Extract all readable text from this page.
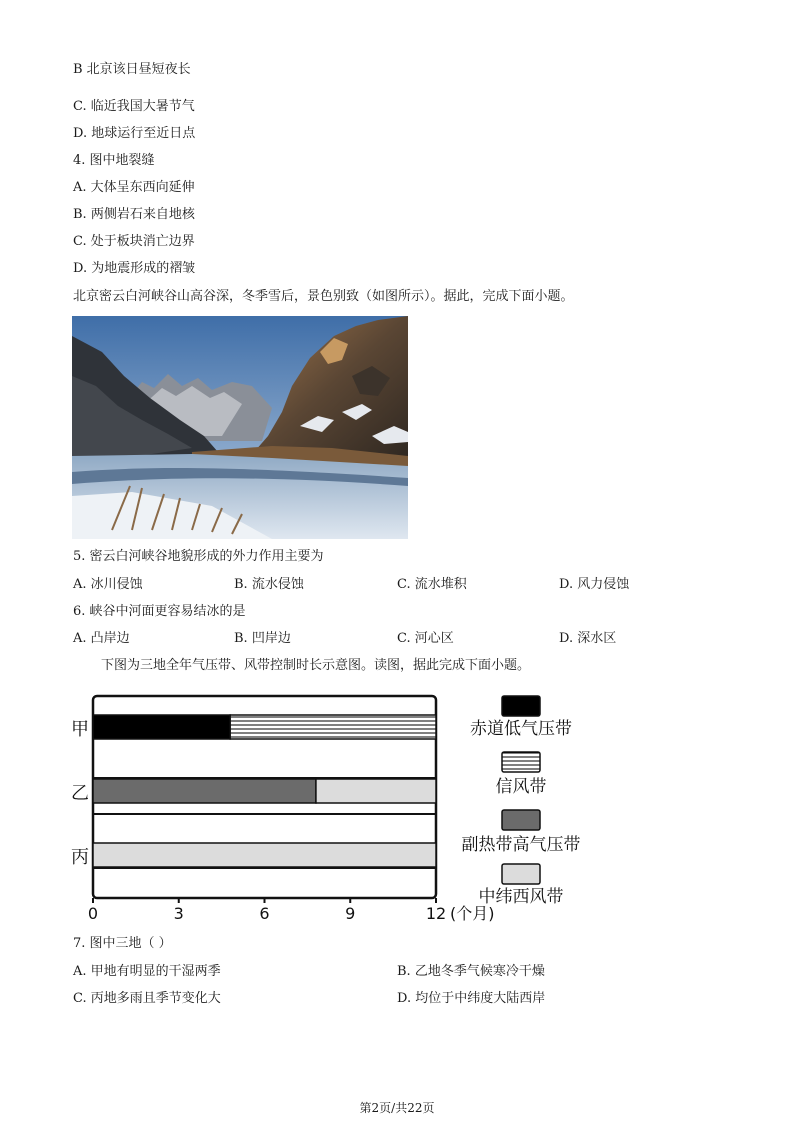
B 北京该日昼短夜长
C. 临近我国大暑节气
D. 地球运行至近日点
4. 图中地裂缝
A. 大体呈东西向延伸
B. 两侧岩石来自地核
C. 处于板块消亡边界
D. 为地震形成的褶皱
北京密云白河峡谷山高谷深，冬季雪后，景色别致（如图所示）。据此，完成下面小题。
5. 密云白河峡谷地貌形成的外力作用主要为
A. 冰川侵蚀	B. 流水侵蚀	C. 流水堆积	D. 风力侵蚀
6. 峡谷中河面更容易结冰的是
A. 凸岸边	B. 凹岸边	C. 河心区	D. 深水区
下图为三地全年气压带、风带控制时长示意图。读图，据此完成下面小题。
甲
乙
丙
0	3	6	9	12 (个月)
赤道低气压带
信风带
副热带高气压带
中纬西风带
7. 图中三地（ ）
A. 甲地有明显的干湿两季	B. 乙地冬季气候寒冷干燥
C. 丙地多雨且季节变化大	D. 均位于中纬度大陆西岸
第2页/共22页
